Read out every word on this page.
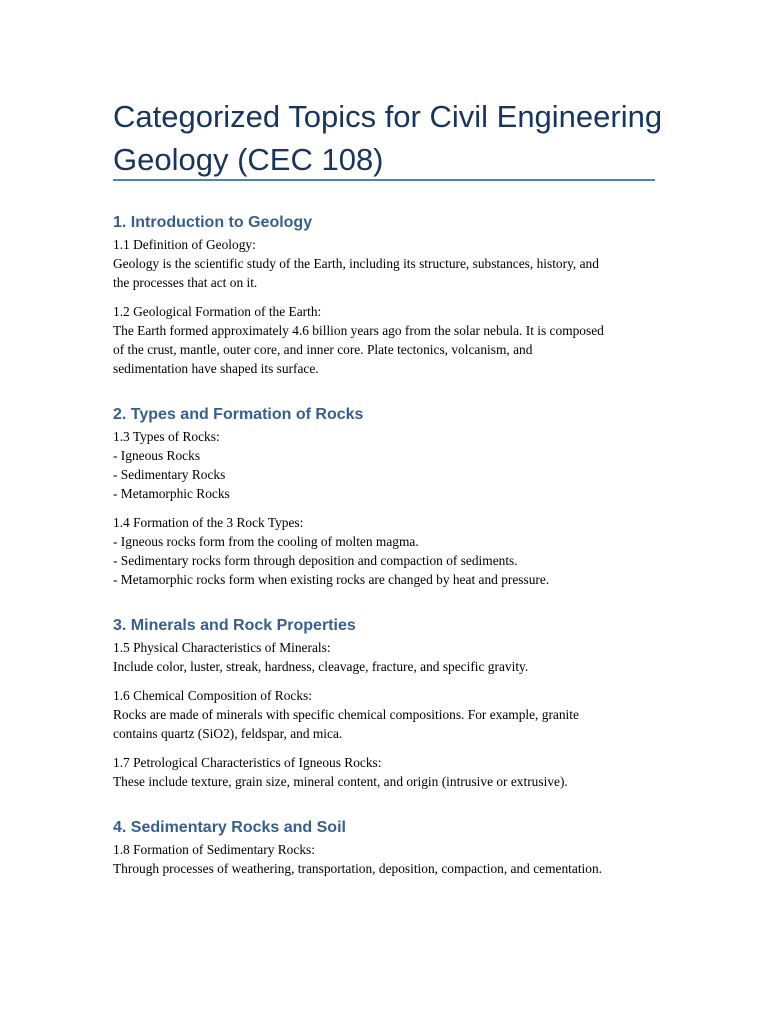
Categorized Topics for Civil Engineering Geology (CEC 108)
1. Introduction to Geology

1.1 Definition of Geology:

Geology is the scientific study of the Earth, including its structure, substances, history, and

the processes that act on it.

1.2 Geological Formation of the Earth:

The Earth formed approximately 4.6 billion years ago from the solar nebula. It is composed

of the crust, mantle, outer core, and inner core. Plate tectonics, volcanism, and

sedimentation have shaped its surface.

2. Types and Formation of Rocks

1.3 Types of Rocks:

- Igneous Rocks

- Sedimentary Rocks

- Metamorphic Rocks

1.4 Formation of the 3 Rock Types:

- Igneous rocks form from the cooling of molten magma.

- Sedimentary rocks form through deposition and compaction of sediments.

- Metamorphic rocks form when existing rocks are changed by heat and pressure.

3. Minerals and Rock Properties

1.5 Physical Characteristics of Minerals:

Include color, luster, streak, hardness, cleavage, fracture, and specific gravity.

1.6 Chemical Composition of Rocks:

Rocks are made of minerals with specific chemical compositions. For example, granite

contains quartz (SiO2), feldspar, and mica.

1.7 Petrological Characteristics of Igneous Rocks:

These include texture, grain size, mineral content, and origin (intrusive or extrusive).

4. Sedimentary Rocks and Soil

1.8 Formation of Sedimentary Rocks:

Through processes of weathering, transportation, deposition, compaction, and cementation.
